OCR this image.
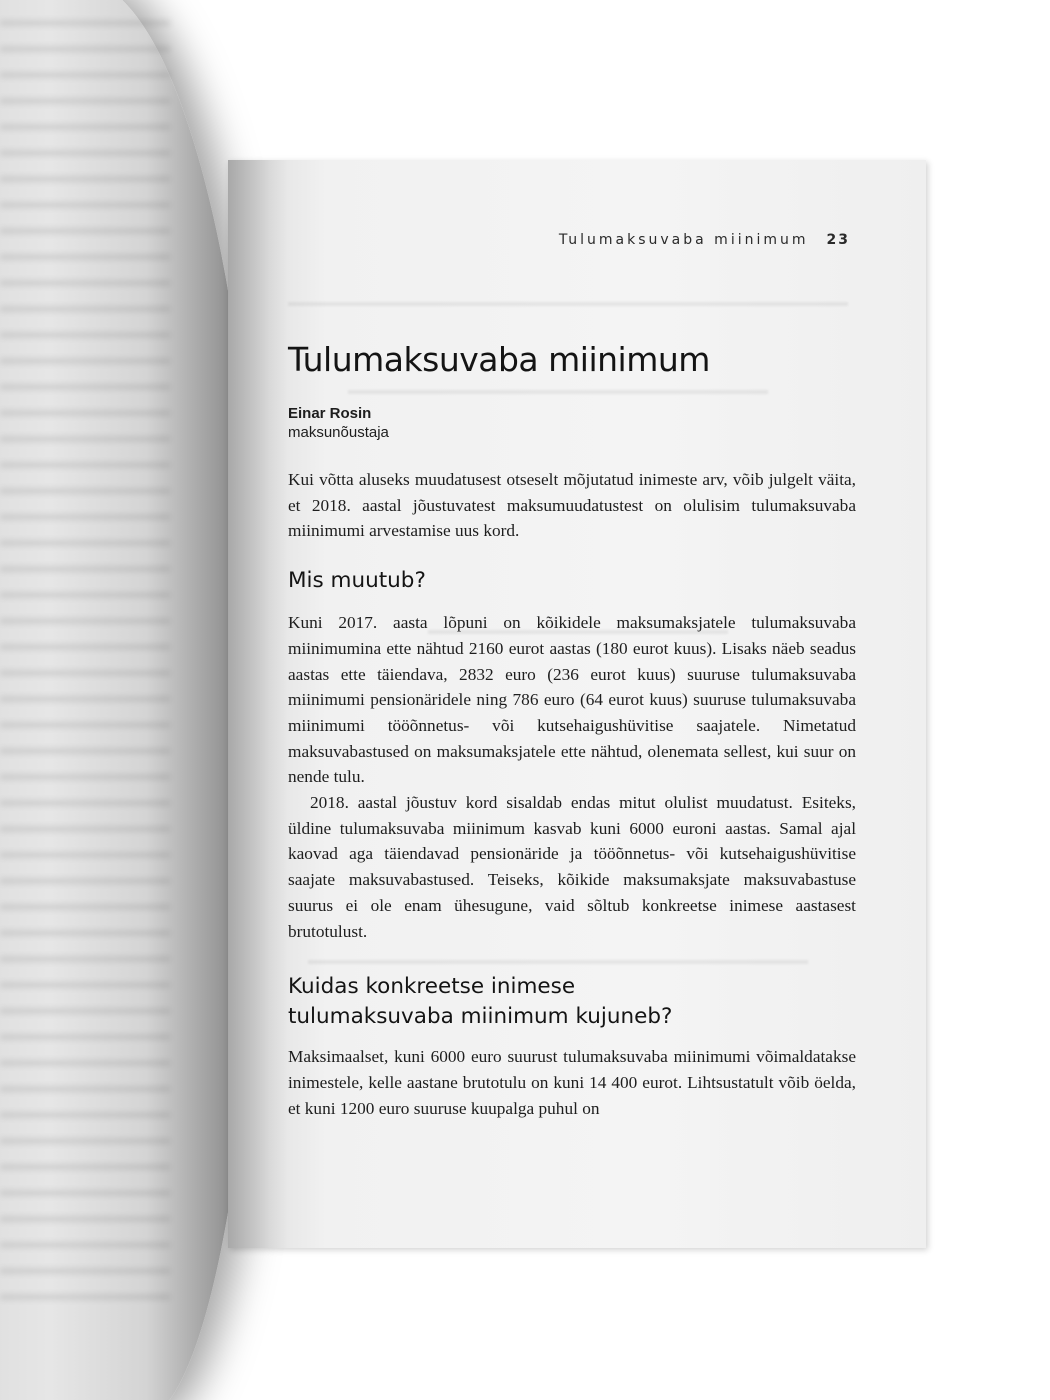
Tulumaksuvaba miinimum 23
Tulumaksuvaba miinimum
Einar Rosin
maksunõustaja

Kui võtta aluseks muudatusest otseselt mõjutatud inimeste arv, võib julgelt väita, et 2018. aastal jõustuvatest maksumuudatustest on olulisim tulumaksuvaba miinimumi arvestamise uus kord.

Mis muutub?

Kuni 2017. aasta lõpuni on kõikidele maksumaksjatele tulumaksuvaba miinimumina ette nähtud 2160 eurot aastas (180 eurot kuus). Lisaks näeb seadus aastas ette täiendava, 2832 euro (236 eurot kuus) suuruse tulumaksuvaba miinimumi pensionäridele ning 786 euro (64 eurot kuus) suuruse tulumaksuvaba miinimumi tööõnnetus- või kutsehaigushüvitise saajatele. Nimetatud maksuvabastused on maksumaksjatele ette nähtud, olenemata sellest, kui suur on nende tulu.

2018. aastal jõustuv kord sisaldab endas mitut olulist muudatust. Esiteks, üldine tulumaksuvaba miinimum kasvab kuni 6000 euroni aastas. Samal ajal kaovad aga täiendavad pensionäride ja tööõnnetus- või kutsehaigushüvitise saajate maksuvabastused. Teiseks, kõikide maksumaksjate maksuvabastuse suurus ei ole enam ühesugune, vaid sõltub konkreetse inimese aastasest brutotulust.

Kuidas konkreetse inimese tulumaksuvaba miinimum kujuneb?

Maksimaalset, kuni 6000 euro suurust tulumaksuvaba miinimumi võimaldatakse inimestele, kelle aastane brutotulu on kuni 14 400 eurot. Lihtsustatult võib öelda, et kuni 1200 euro suuruse kuupalga puhul on
